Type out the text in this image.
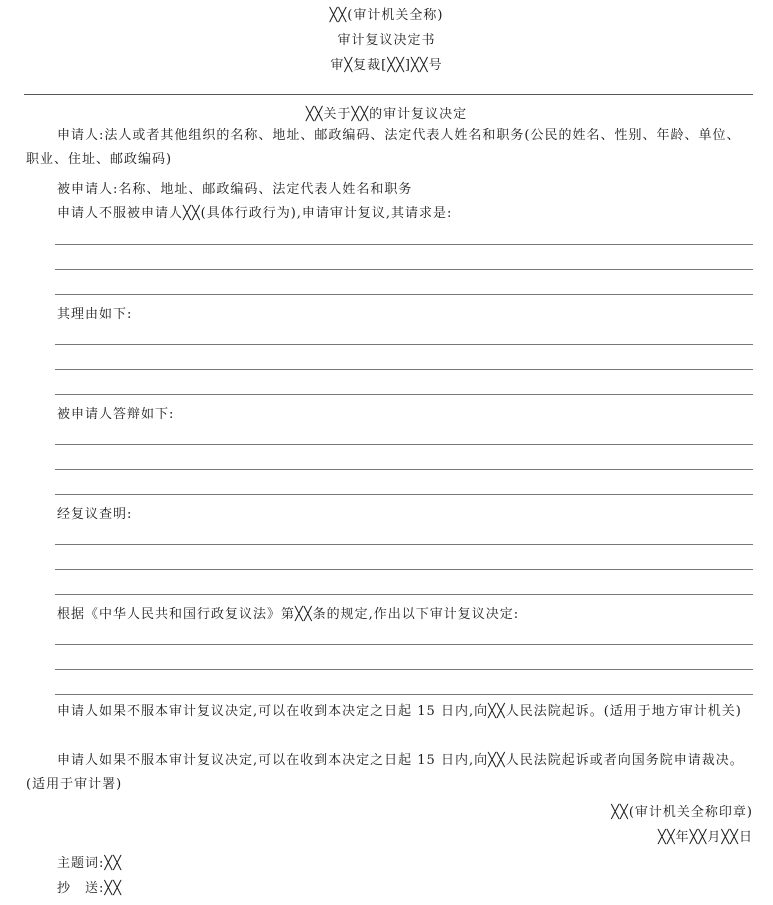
╳╳(审计机关全称)
审计复议决定书
审╳复裁[╳╳]╳╳号
╳╳关于╳╳的审计复议决定
申请人:法人或者其他组织的名称、地址、邮政编码、法定代表人姓名和职务(公民的姓名、性别、年龄、单位、职业、住址、邮政编码)
被申请人:名称、地址、邮政编码、法定代表人姓名和职务
申请人不服被申请人╳╳(具体行政行为),申请审计复议,其请求是:
其理由如下:
被申请人答辩如下:
经复议查明:
根据《中华人民共和国行政复议法》第╳╳条的规定,作出以下审计复议决定:
申请人如果不服本审计复议决定,可以在收到本决定之日起 15 日内,向╳╳人民法院起诉。(适用于地方审计机关)
申请人如果不服本审计复议决定,可以在收到本决定之日起 15 日内,向╳╳人民法院起诉或者向国务院申请裁决。(适用于审计署)
╳╳(审计机关全称印章)
╳╳年╳╳月╳╳日
主题词:╳╳
抄　送:╳╳
